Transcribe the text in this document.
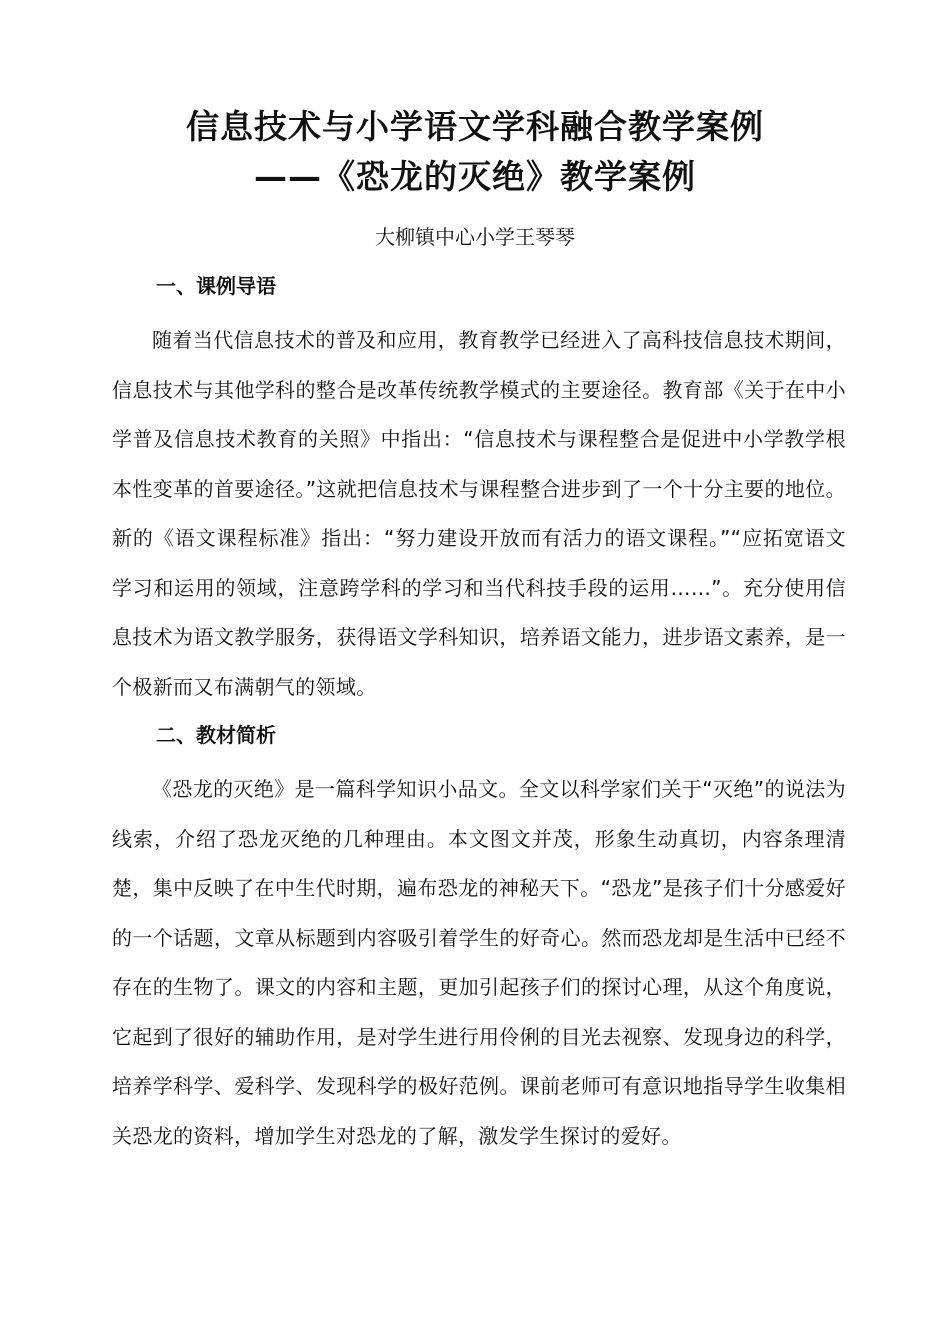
信息技术与小学语文学科融合教学案例
——《恐龙的灭绝》教学案例

大柳镇中心小学王琴琴

一、课例导语

随着当代信息技术的普及和应用，教育教学已经进入了高科技信息技术期间，信息技术与其他学科的整合是改革传统教学模式的主要途径。教育部《关于在中小学普及信息技术教育的关照》中指出：“信息技术与课程整合是促进中小学教学根本性变革的首要途径。”这就把信息技术与课程整合进步到了一个十分主要的地位。新的《语文课程标准》指出：“努力建设开放而有活力的语文课程。”“应拓宽语文学习和运用的领域，注意跨学科的学习和当代科技手段的运用……”。充分使用信息技术为语文教学服务，获得语文学科知识，培养语文能力，进步语文素养，是一个极新而又布满朝气的领域。

二、教材简析

《恐龙的灭绝》是一篇科学知识小品文。全文以科学家们关于“灭绝”的说法为线索，介绍了恐龙灭绝的几种理由。本文图文并茂，形象生动真切，内容条理清楚，集中反映了在中生代时期，遍布恐龙的神秘天下。“恐龙”是孩子们十分感爱好的一个话题，文章从标题到内容吸引着学生的好奇心。然而恐龙却是生活中已经不存在的生物了。课文的内容和主题，更加引起孩子们的探讨心理，从这个角度说，它起到了很好的辅助作用，是对学生进行用伶俐的目光去视察、发现身边的科学，培养学科学、爱科学、发现科学的极好范例。课前老师可有意识地指导学生收集相关恐龙的资料，增加学生对恐龙的了解，激发学生探讨的爱好。
